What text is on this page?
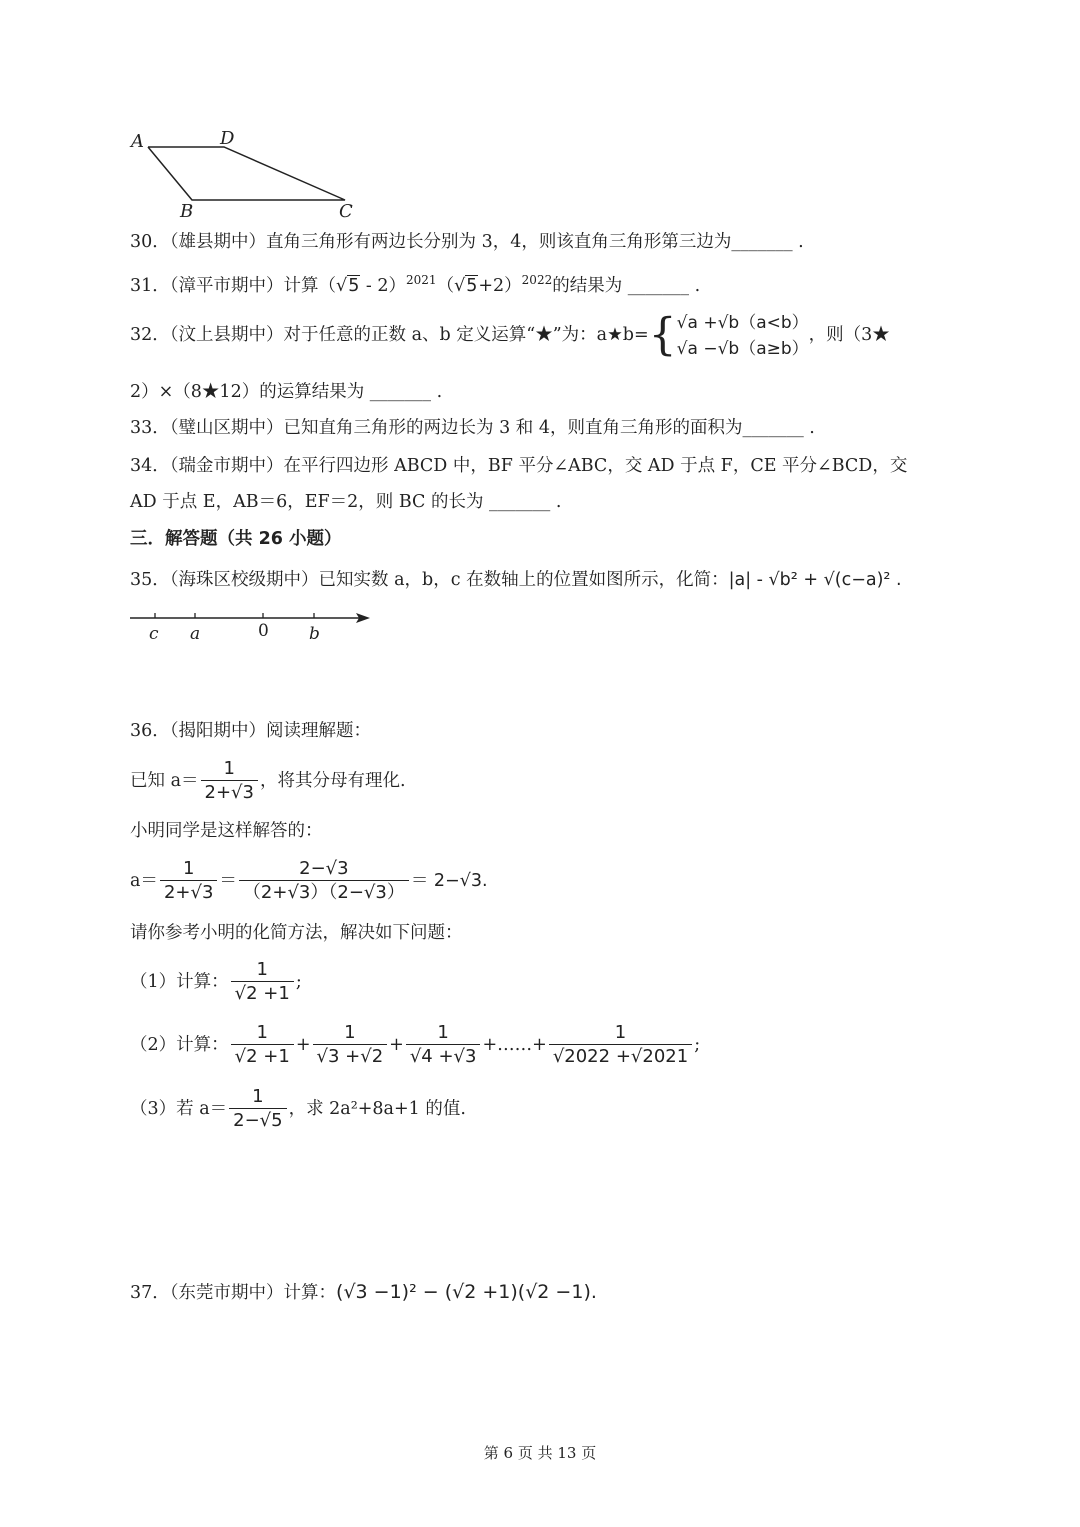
A	D
B	C
30．（雄县期中）直角三角形有两边长分别为 3，4，则该直角三角形第三边为_______ .
31．（漳平市期中）计算$(√5 - 2)^{2021}(√5+2)^{2022}$的结果为 _______ .
32．（汶上县期中）对于任意的正数 a、b 定义运算“★”为：a★b={ √a +√b（a<b）
√a −√b（a≥b）
，则（3★
2）×（8★12）的运算结果为 _______ .
33．（璧山区期中）已知直角三角形的两边长为 3 和 4，则直角三角形的面积为_______ .
34．（瑞金市期中）在平行四边形 ABCD 中，BF 平分∠ABC，交 AD 于点 F，CE 平分∠BCD，交
AD 于点 E，AB＝6，EF＝2，则 BC 的长为 _______ .
三．解答题（共 26 小题）
35．（海珠区校级期中）已知实数 a，b，c 在数轴上的位置如图所示，化简：|a| - √b² + √(c−a)² .
c a	0 b
36．（揭阳期中）阅读理解题：
已知 $a= \frac{1}{2+√3}$ ，将其分母有理化.
小明同学是这样解答的：
$a= \frac{1}{2+√3} = \frac{2-√3}{(2+√3)(2-√3)} = 2-√3$.
请你参考小明的化简方法，解决如下问题：
（1）计算： $\frac{1}{√2 +1}$ ;
（2）计算： $\frac{1}{√2 +1} + \frac{1}{√3 +√2} + \frac{1}{√4 +√3}$ +……+ $\frac{1}{√2022 +√2021}$ ;
（3）若 $a= \frac{1}{2-√5}$ ，求 2a²+8a+1 的值.
37．（东莞市期中）计算：(√3 −1)² − (√2 +1)(√2 −1).
第 6 页 共 13 页
